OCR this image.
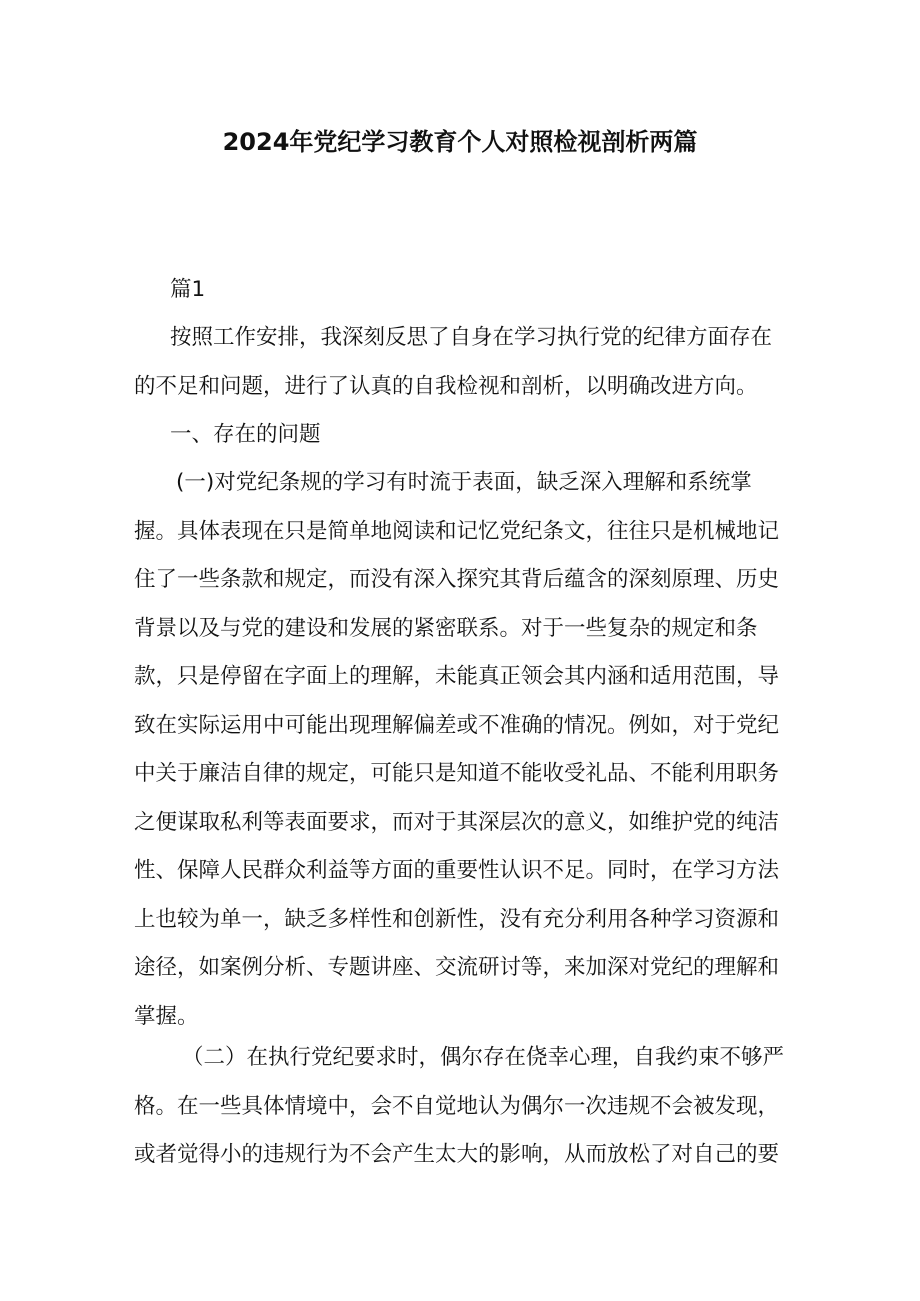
2024年党纪学习教育个人对照检视剖析两篇
篇1
按照工作安排，我深刻反思了自身在学习执行党的纪律方面存在
的不足和问题，进行了认真的自我检视和剖析，以明确改进方向。
一、存在的问题
(一)对党纪条规的学习有时流于表面，缺乏深入理解和系统掌
握。具体表现在只是简单地阅读和记忆党纪条文，往往只是机械地记
住了一些条款和规定，而没有深入探究其背后蕴含的深刻原理、历史
背景以及与党的建设和发展的紧密联系。对于一些复杂的规定和条
款，只是停留在字面上的理解，未能真正领会其内涵和适用范围，导
致在实际运用中可能出现理解偏差或不准确的情况。例如，对于党纪
中关于廉洁自律的规定，可能只是知道不能收受礼品、不能利用职务
之便谋取私利等表面要求，而对于其深层次的意义，如维护党的纯洁
性、保障人民群众利益等方面的重要性认识不足。同时，在学习方法
上也较为单一，缺乏多样性和创新性，没有充分利用各种学习资源和
途径，如案例分析、专题讲座、交流研讨等，来加深对党纪的理解和
掌握。
（二）在执行党纪要求时，偶尔存在侥幸心理，自我约束不够严
格。在一些具体情境中，会不自觉地认为偶尔一次违规不会被发现，
或者觉得小的违规行为不会产生太大的影响，从而放松了对自己的要
